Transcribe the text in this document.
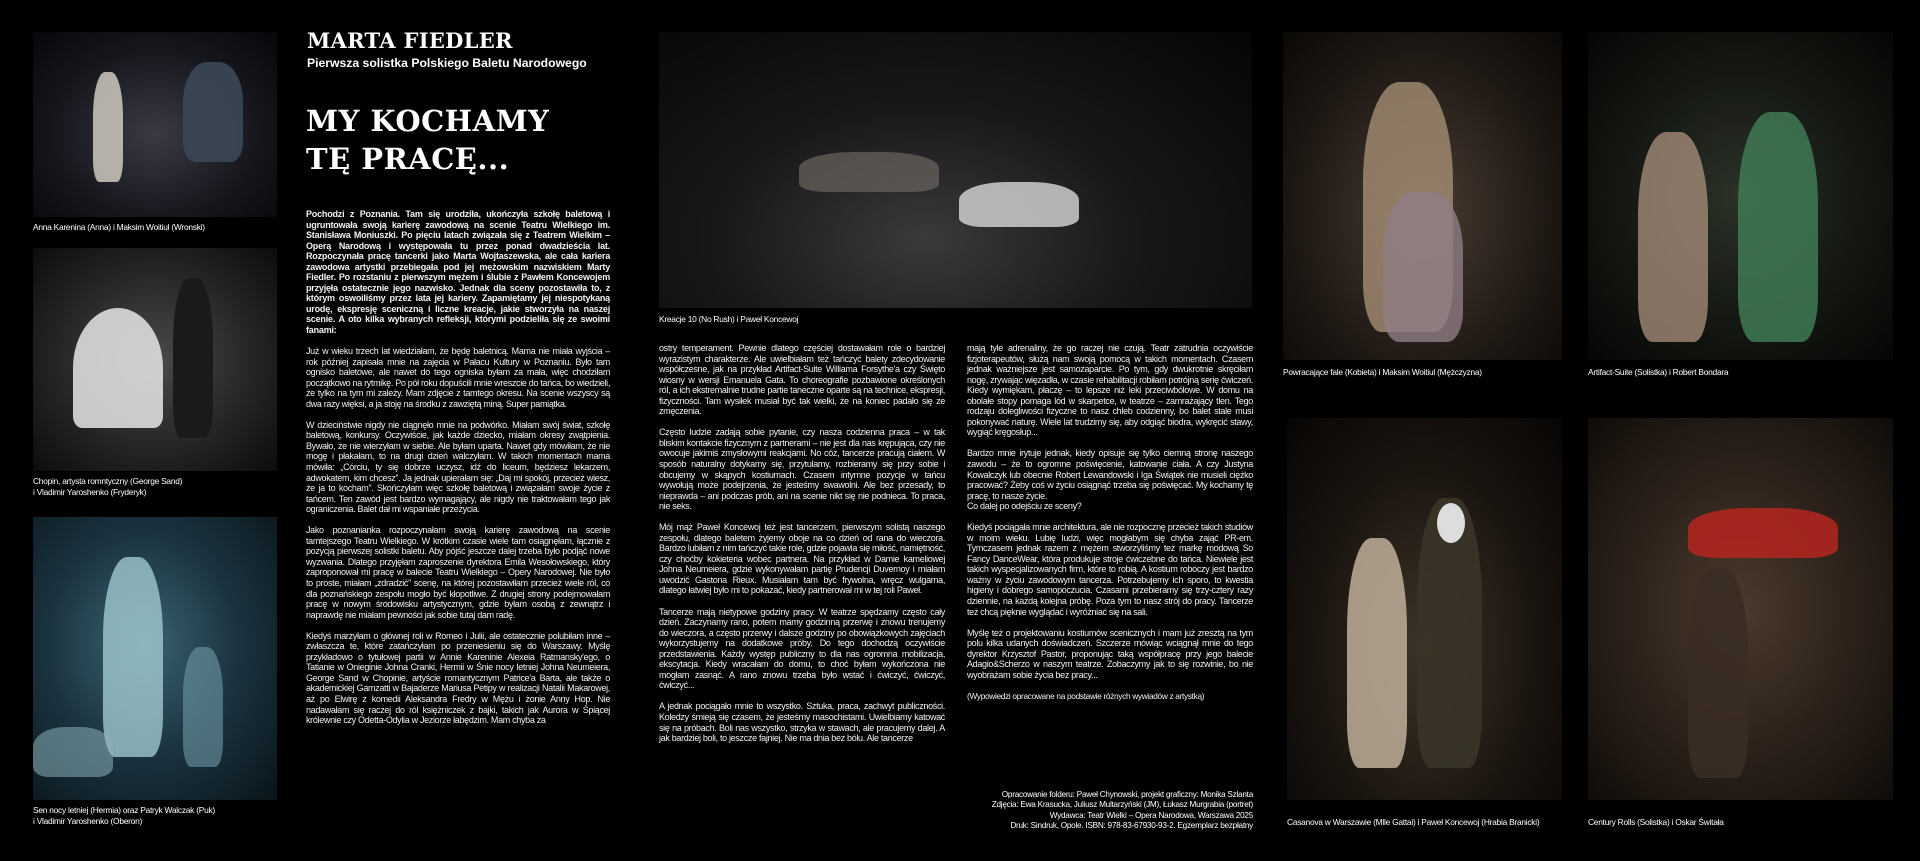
Anna Karenina (Anna) i Maksim Woitiul (Wronski)
Chopin, artysta romntyczny (George Sand)
i Vladimir Yaroshenko (Fryderyk)
Sen nocy letniej (Hermia) oraz Patryk Walczak (Puk)
i Vladimir Yaroshenko (Oberon)
MARTA FIEDLER
Pierwsza solistka Polskiego Baletu Narodowego
MY KOCHAMY
TĘ PRACĘ...

Pochodzi z Poznania. Tam się urodziła, ukończyła szkołę baletową i ugruntowała swoją karierę zawodową na scenie Teatru Wielkiego im. Stanisława Moniuszki. Po pięciu latach związała się z Teatrem Wielkim – Operą Narodową i występowała tu przez ponad dwadzieścia lat. Rozpoczynała pracę tancerki jako Marta Wojtaszewska, ale cała kariera zawodowa artystki przebiegała pod jej mężowskim nazwiskiem Marty Fiedler. Po rozstaniu z pierwszym mężem i ślubie z Pawłem Koncewojem przyjęła ostatecznie jego nazwisko. Jednak dla sceny pozostawiła to, z którym oswoiliśmy przez lata jej kariery. Zapamiętamy jej niespotykaną urodę, ekspresję sceniczną i liczne kreacje, jakie stworzyła na naszej scenie. A oto kilka wybranych refleksji, którymi podzieliła się ze swoimi fanami:

Już w wieku trzech lat wiedziałam, że będę baletnicą. Mama nie miała wyjścia – rok później zapisała mnie na zajęcia w Pałacu Kultury w Poznaniu. Było tam ognisko baletowe, ale nawet do tego ogniska byłam za mała, więc chodziłam początkowo na rytmikę. Po pół roku dopuścili mnie wreszcie do tańca, bo wiedzieli, że tylko na tym mi zależy. Mam zdjęcie z tamtego okresu. Na scenie wszyscy są dwa razy więksi, a ja stoję na środku z zawziętą miną. Super pamiątka.

W dzieciństwie nigdy nie ciągnęło mnie na podwórko. Miałam swój świat, szkołę baletową, konkursy. Oczywiście, jak każde dziecko, miałam okresy zwątpienia. Bywało, że nie wierzyłam w siebie. Ale byłam uparta. Nawet gdy mówiłam, że nie mogę i płakałam, to na drugi dzień walczyłam. W takich momentach mama mówiła: „Córciu, ty się dobrze uczysz, idź do liceum, będziesz lekarzem, adwokatem, kim chcesz”. Ja jednak upierałam się: „Daj mi spokój, przecież wiesz, że ja to kocham”. Skończyłam więc szkołę baletową i związałam swoje życie z tańcem. Ten zawód jest bardzo wymagający, ale nigdy nie traktowałam tego jak ograniczenia. Balet dał mi wspaniałe przeżycia.

Jako poznanianka rozpoczynałam swoją karierę zawodową na scenie tamtejszego Teatru Wielkiego. W krótkim czasie wiele tam osiągnęłam, łącznie z pozycją pierwszej solistki baletu. Aby pójść jeszcze dalej trzeba było podjąć nowe wyzwania. Dlatego przyjęłam zaproszenie dyrektora Emila Wesołowskiego, który zaproponował mi pracę w balecie Teatru Wielkiego – Opery Narodowej. Nie było to proste, miałam „zdradzić” scenę, na której pozostawiłam przecież wiele ról, co dla poznańskiego zespołu mogło być kłopotliwe. Z drugiej strony podejmowałam pracę w nowym środowisku artystycznym, gdzie byłam osobą z zewnątrz i naprawdę nie miałam pewności jak sobie tutaj dam radę.

Kiedyś marzyłam o głównej roli w Romeo i Julii, ale ostatecznie polubiłam inne – zwłaszcza te, które zatańczyłam po przeniesieniu się do Warszawy. Myślę przykładowo o tytułowej partii w Annie Kareninie Alexeia Ratmansky'ego, o Tatianie w Onieginie Johna Cranki, Hermii w Śnie nocy letniej Johna Neumeiera, George Sand w Chopinie, artyście romantycznym Patrice'a Barta, ale także o akademickiej Gamzatti w Bajaderze Mariusa Petipy w realizacji Natalii Makarowej, aż po Elwirę z komedii Aleksandra Fredry w Mężu i żonie Anny Hop. Nie nadawałam się raczej do ról księżniczek z bajki, takich jak Aurora w Śpiącej królewnie czy Odetta-Odylia w Jeziorze łabędzim. Mam chyba za

Kreacje 10 (No Rush) i Paweł Koncewoj

ostry temperament. Pewnie dlatego częściej dostawałam role o bardziej wyrazistym charakterze. Ale uwielbiałam też tańczyć balety zdecydowanie współczesne, jak na przykład Artifact-Suite Williama Forsythe'a czy Święto wiosny w wersji Emanuela Gata. To choreografie pozbawione określonych ról, a ich ekstremalnie trudne partie taneczne oparte są na technice, ekspresji, fizyczności. Tam wysiłek musiał być tak wielki, że na koniec padało się ze zmęczenia.

Często ludzie zadają sobie pytanie, czy nasza codzienna praca – w tak bliskim kontakcie fizycznym z partnerami – nie jest dla nas krępująca, czy nie owocuje jakimiś zmysłowymi reakcjami. No cóż, tancerze pracują ciałem. W sposób naturalny dotykamy się, przytulamy, rozbieramy się przy sobie i obcujemy w skąpych kostiumach. Czasem intymne pozycje w tańcu wywołują może podejrzenia, że jesteśmy swawolni. Ale bez przesady, to nieprawda – ani podczas prób, ani na scenie nikt się nie podnieca. To praca, nie seks.

Mój mąż Paweł Koncewoj też jest tancerzem, pierwszym solistą naszego zespołu, dlatego baletem żyjemy oboje na co dzień od rana do wieczora. Bardzo lubiłam z nim tańczyć takie role, gdzie pojawia się miłość, namiętność, czy choćby kokieteria wobec partnera. Na przykład w Damie kameliowej Johna Neumeiera, gdzie wykonywałam partię Prudencji Duvernoy i miałam uwodzić Gastona Rieux. Musiałam tam być frywolna, wręcz wulgarna, dlatego łatwiej było mi to pokazać, kiedy partnerował mi w tej roli Paweł.

Tancerze mają nietypowe godziny pracy. W teatrze spędzamy często cały dzień. Zaczynamy rano, potem mamy godzinną przerwę i znowu trenujemy do wieczora, a często przerwy i dalsze godziny po obowiązkowych zajęciach wykorzystujemy na dodatkowe próby. Do tego dochodzą oczywiście przedstawienia. Każdy występ publiczny to dla nas ogromna mobilizacja, ekscytacja. Kiedy wracałam do domu, to choć byłam wykończona nie mogłam zasnąć. A rano znowu trzeba było wstać i ćwiczyć, ćwiczyć, ćwiczyć...

A jednak pociągało mnie to wszystko. Sztuka, praca, zachwyt publiczności. Koledzy śmieją się czasem, że jesteśmy masochistami. Uwielbiamy katować się na próbach. Boli nas wszystko, strzyka w stawach, ale pracujemy dalej. A jak bardziej boli, to jeszcze fajniej. Nie ma dnia bez bólu. Ale tancerze

mają tyle adrenaliny, że go raczej nie czują. Teatr zatrudnia oczywiście fizjoterapeutów, służą nam swoją pomocą w takich momentach. Czasem jednak ważniejsze jest samozaparcie. Po tym, gdy dwukrotnie skręciłam nogę, zrywając więzadła, w czasie rehabilitacji robiłam potrójną serię ćwiczeń. Kiedy wymiękam, płaczę – to lepsze niż leki przeciwbólowe. W domu na obolałe stopy pomaga lód w skarpetce, w teatrze – zamrażający tlen. Tego rodzaju dolegliwości fizyczne to nasz chleb codzienny, bo balet stale musi pokonywać naturę. Wiele lat trudzimy się, aby odgiąć biodra, wykręcić stawy, wygiąć kręgosłup...

Bardzo mnie irytuje jednak, kiedy opisuje się tylko ciemną stronę naszego zawodu – że to ogromne poświęcenie, katowanie ciała. A czy Justyna Kowalczyk lub obecnie Robert Lewandowski i Iga Świątek nie musieli ciężko pracować? Żeby coś w życiu osiągnąć trzeba się poświęcać. My kochamy tę pracę, to nasze życie.

Co dalej po odejściu ze sceny?

Kiedyś pociągała mnie architektura, ale nie rozpocznę przecież takich studiów w moim wieku. Lubię ludzi, więc mogłabym się chyba zająć PR-em. Tymczasem jednak razem z mężem stworzyliśmy też markę modową So Fancy DanceWear, która produkuje stroje ćwiczebne do tańca. Niewiele jest takich wyspecjalizowanych firm, które to robią. A kostium roboczy jest bardzo ważny w życiu zawodowym tancerza. Potrzebujemy ich sporo, to kwestia higieny i dobrego samopoczucia. Czasami przebieramy się trzy-cztery razy dziennie, na każdą kolejna próbę. Poza tym to nasz strój do pracy. Tancerze też chcą pięknie wyglądać i wyróżniać się na sali.

Myślę też o projektowaniu kostiumów scenicznych i mam już zresztą na tym polu kilka udanych doświadczeń. Szczerze mówiąc wciągnął mnie do tego dyrektor Krzysztof Pastor, proponując taką współpracę przy jego balecie Adagio&Scherzo w naszym teatrze. Zobaczymy jak to się rozwinie, bo nie wyobrażam sobie życia bez pracy...

(Wypowiedzi opracowane na podstawie różnych wywiadów z artystką)

Opracowanie folderu: Paweł Chynowski, projekt graficzny: Monika Szlanta
Zdjęcia: Ewa Krasucka, Juliusz Multarzyński (JM), Łukasz Murgrabia (portret)
Wydawca: Teatr Wielki – Opera Narodowa, Warszawa 2025
Druk: Sindruk, Opole. ISBN: 978-83-67930-93-2. Egzemplarz bezpłatny
Powracające fale (Kobieta) i Maksim Woitiul (Mężczyzna)	Artifact-Suite (Solistka) i Robert Bondara
Casanova w Warszawie (Mlle Gattai) i Paweł Koncewoj (Hrabia Branicki)	Century Rolls (Solistka) i Oskar Świtała
